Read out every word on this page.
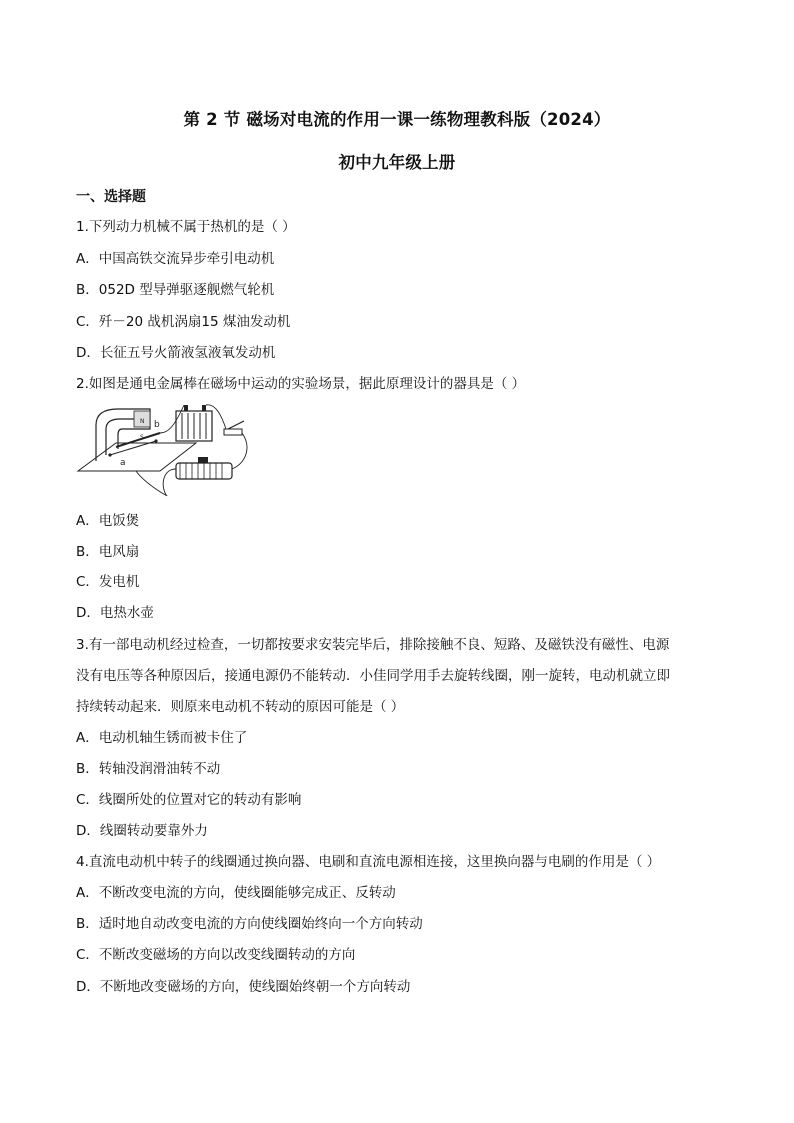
第 2 节 磁场对电流的作用一课一练物理教科版（2024）
初中九年级上册
一、选择题
1.下列动力机械不属于热机的是（ ）
A．中国高铁交流异步牵引电动机
B．052D 型导弹驱逐舰燃气轮机
C．歼－20 战机涡扇15 煤油发动机
D．长征五号火箭液氢液氧发动机
2.如图是通电金属棒在磁场中运动的实验场景，据此原理设计的器具是（ ）
a
b
N
S
A．电饭煲
B．电风扇
C．发电机
D．电热水壶
3.有一部电动机经过检查，一切都按要求安装完毕后，排除接触不良、短路、及磁铁没有磁性、电源
没有电压等各种原因后，接通电源仍不能转动．小佳同学用手去旋转线圈，刚一旋转，电动机就立即
持续转动起来．则原来电动机不转动的原因可能是（ ）
A．电动机轴生锈而被卡住了
B．转轴没润滑油转不动
C．线圈所处的位置对它的转动有影响
D．线圈转动要靠外力
4.直流电动机中转子的线圈通过换向器、电刷和直流电源相连接，这里换向器与电刷的作用是（ ）
A．不断改变电流的方向，使线圈能够完成正、反转动
B．适时地自动改变电流的方向使线圈始终向一个方向转动
C．不断改变磁场的方向以改变线圈转动的方向
D．不断地改变磁场的方向，使线圈始终朝一个方向转动
